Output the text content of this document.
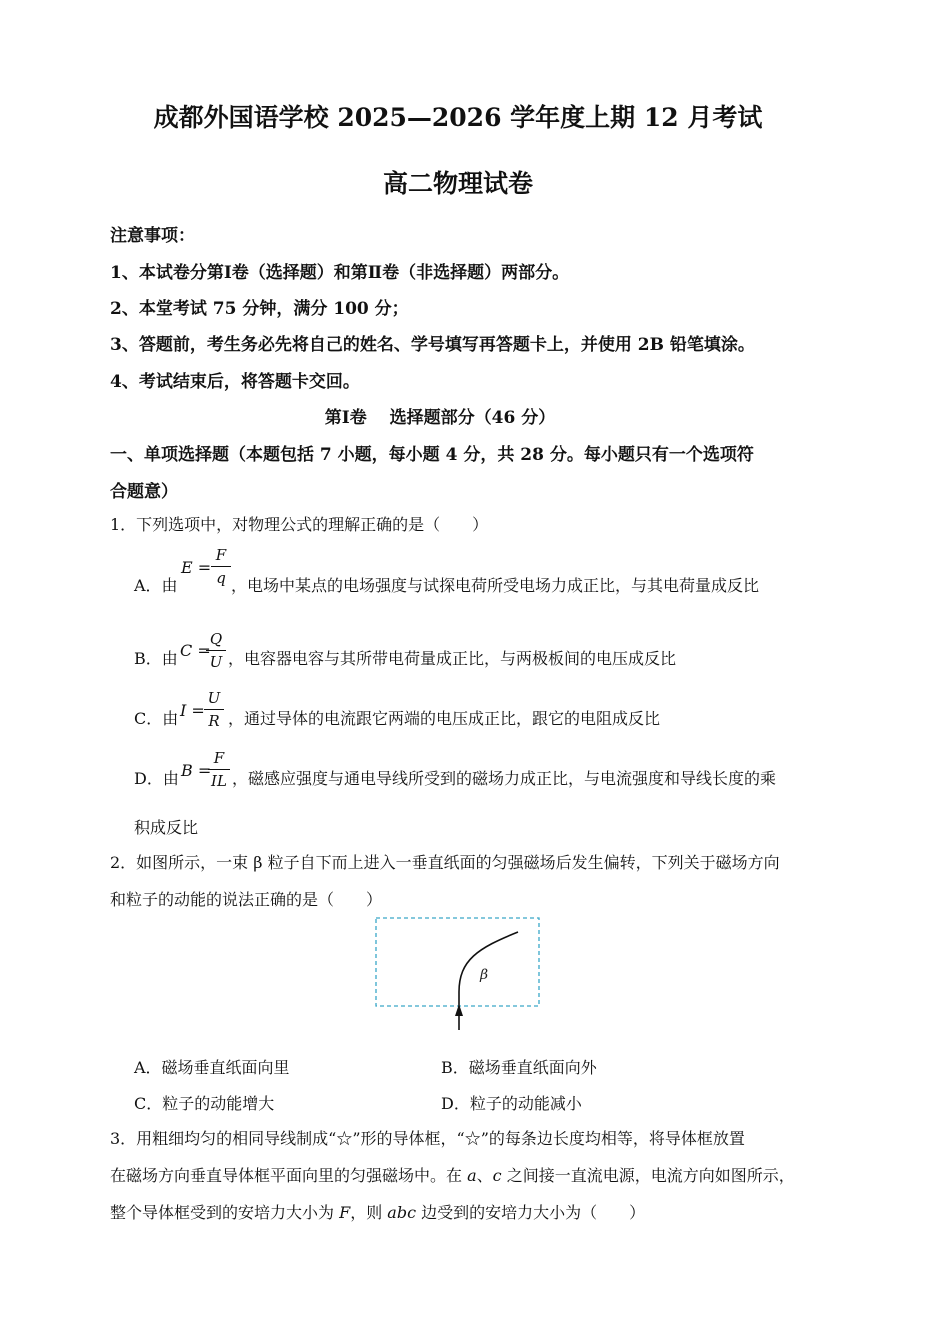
成都外国语学校 2025—2026 学年度上期 12 月考试
高二物理试卷
注意事项：
1、本试卷分第Ⅰ卷（选择题）和第Ⅱ卷（非选择题）两部分。
2、本堂考试 75 分钟，满分 100 分；
3、答题前，考生务必先将自己的姓名、学号填写再答题卡上，并使用 2B 铅笔填涂。
4、考试结束后，将答题卡交回。
第Ⅰ卷　 选择题部分（46 分）
一、单项选择题（本题包括 7 小题，每小题 4 分，共 28 分。每小题只有一个选项符
合题意）
1．下列选项中，对物理公式的理解正确的是（　　）
A．由
E =
F
q ，电场中某点的电场强度与试探电荷所受电场力成正比，与其电荷量成反比
B．由 C =
Q
U ，电容器电容与其所带电荷量成正比，与两极板间的电压成反比
C．由 I =
U
R ，通过导体的电流跟它两端的电压成正比，跟它的电阻成反比
D．由 B =
F
IL ，磁感应强度与通电导线所受到的磁场力成正比，与电流强度和导线长度的乘
积成反比
2．如图所示，一束 β 粒子自下而上进入一垂直纸面的匀强磁场后发生偏转，下列关于磁场方向
和粒子的动能的说法正确的是（　　）
β
A．磁场垂直纸面向里	B．磁场垂直纸面向外
C．粒子的动能增大	D．粒子的动能减小
3．用粗细均匀的相同导线制成“☆”形的导体框，“☆”的每条边长度均相等，将导体框放置
在磁场方向垂直导体框平面向里的匀强磁场中。在 a、c 之间接一直流电源，电流方向如图所示，
整个导体框受到的安培力大小为 F，则 abc 边受到的安培力大小为（　　）
